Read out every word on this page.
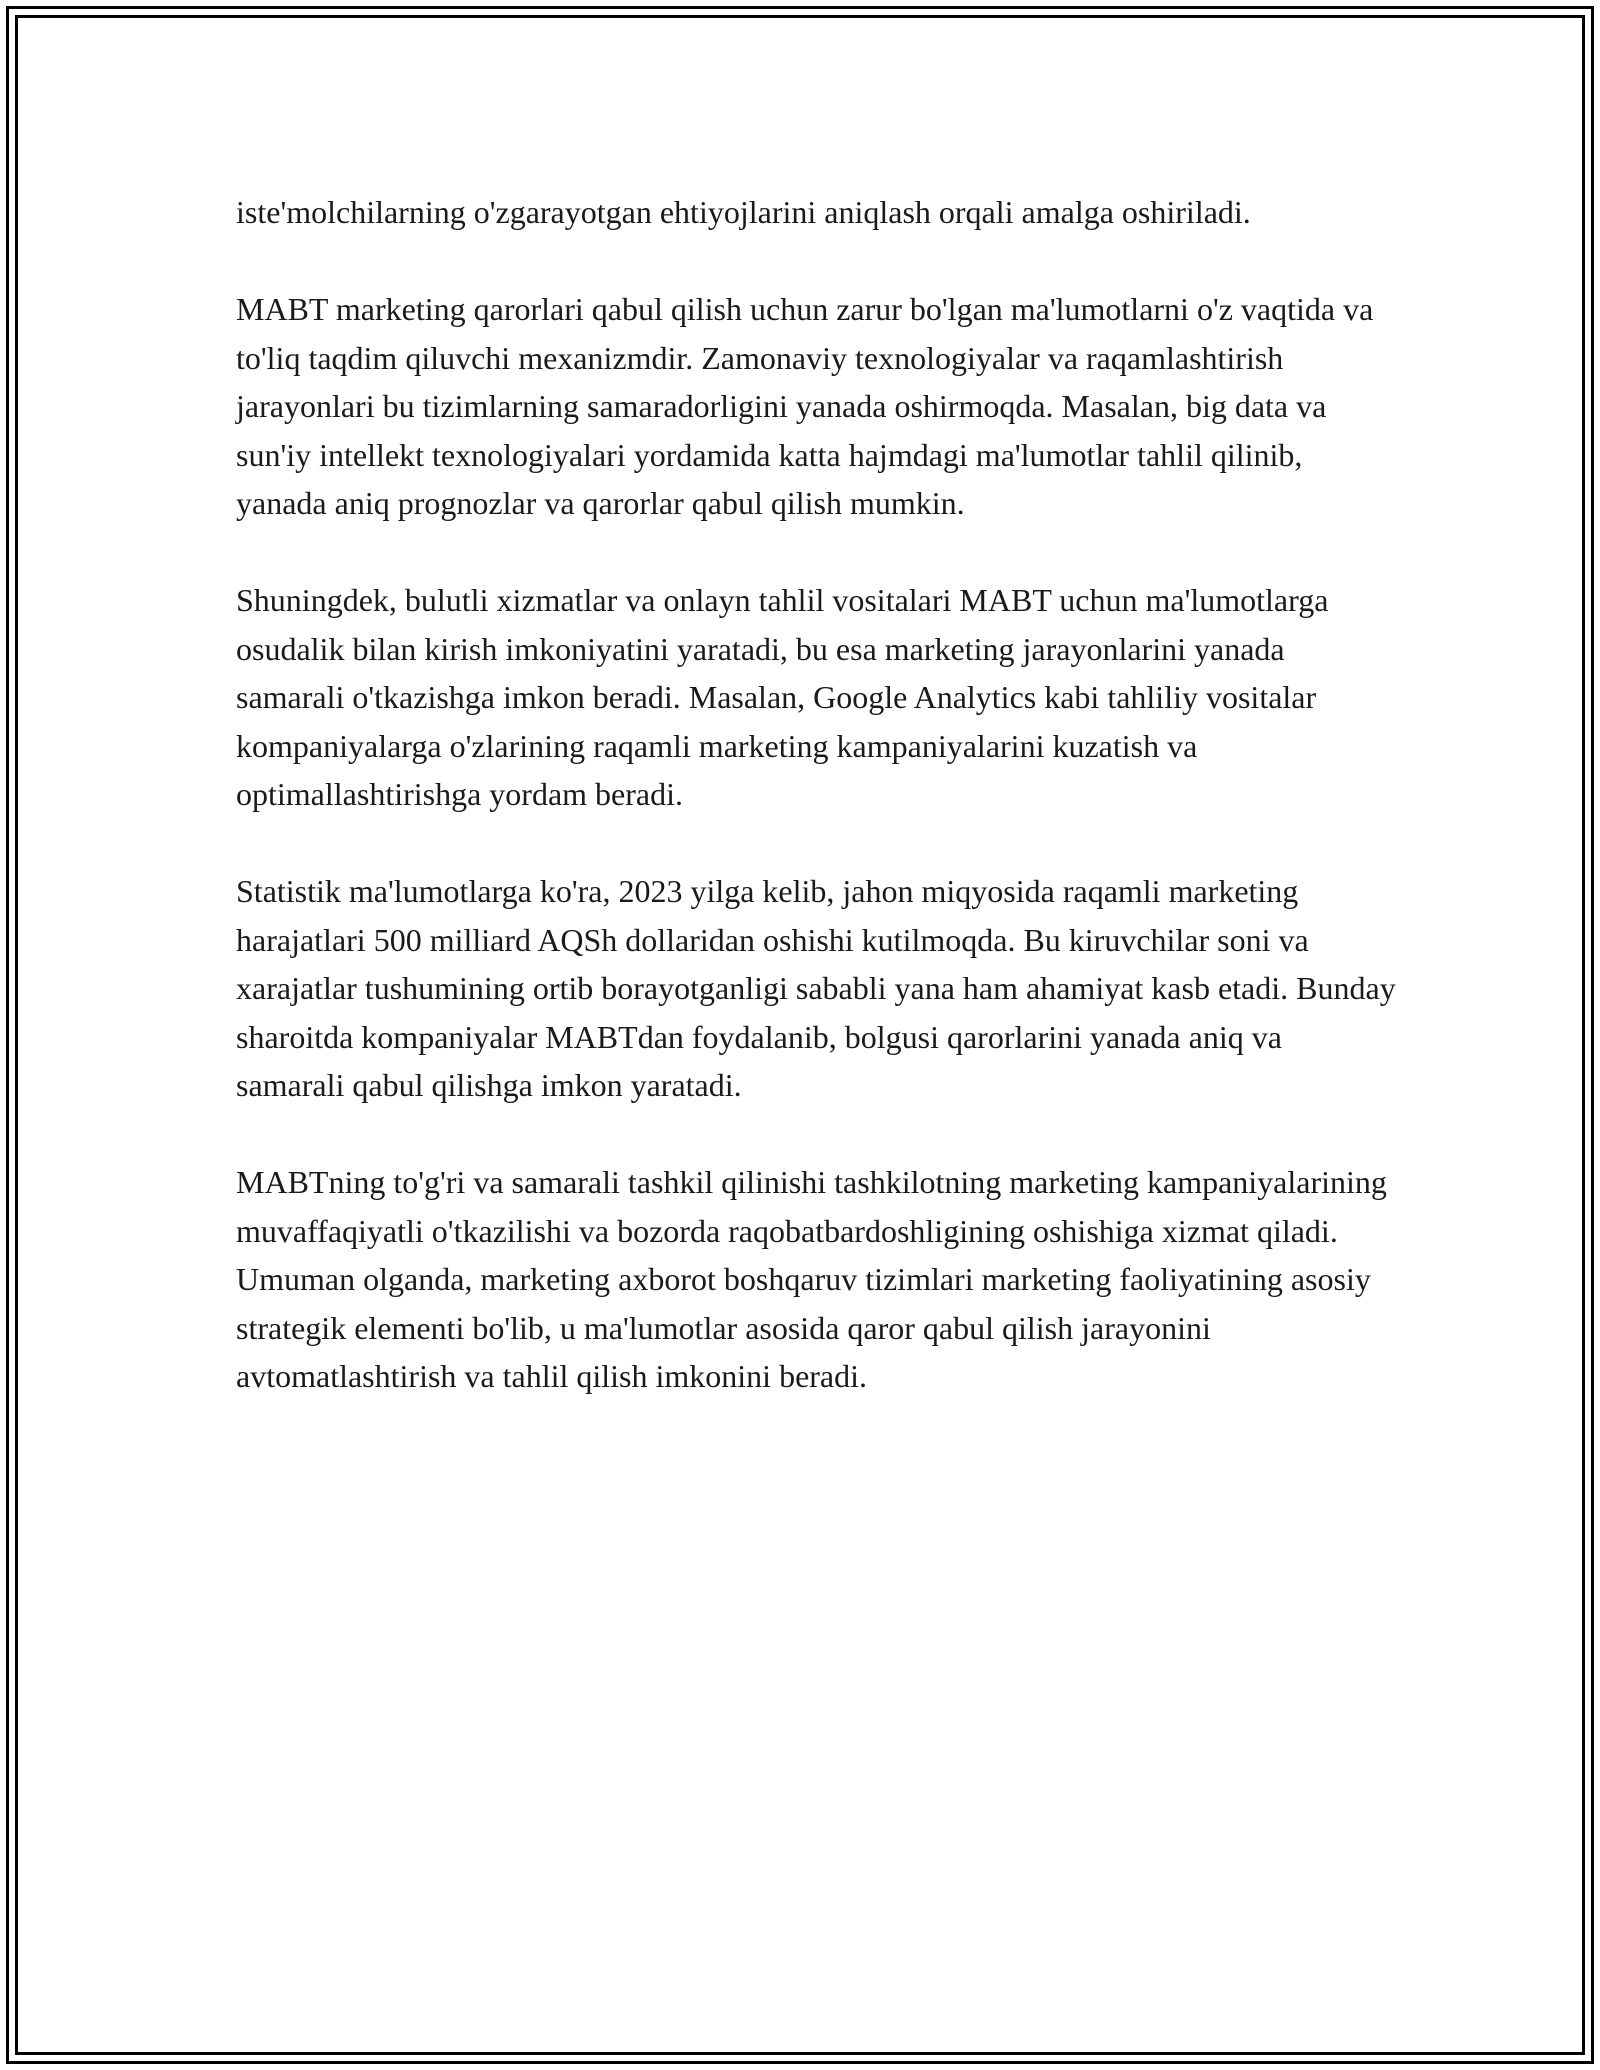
iste'molchilarning o'zgarayotgan ehtiyojlarini aniqlash orqali amalga oshiriladi.

MABT marketing qarorlari qabul qilish uchun zarur bo'lgan ma'lumotlarni o'z vaqtida va to'liq taqdim qiluvchi mexanizmdir. Zamonaviy texnologiyalar va raqamlashtirish jarayonlari bu tizimlarning samaradorligini yanada oshirmoqda. Masalan, big data va sun'iy intellekt texnologiyalari yordamida katta hajmdagi ma'lumotlar tahlil qilinib, yanada aniq prognozlar va qarorlar qabul qilish mumkin.

Shuningdek, bulutli xizmatlar va onlayn tahlil vositalari MABT uchun ma'lumotlarga osudalik bilan kirish imkoniyatini yaratadi, bu esa marketing jarayonlarini yanada samarali o'tkazishga imkon beradi. Masalan, Google Analytics kabi tahliliy vositalar kompaniyalarga o'zlarining raqamli marketing kampaniyalarini kuzatish va optimallashtirishga yordam beradi.

Statistik ma'lumotlarga ko'ra, 2023 yilga kelib, jahon miqyosida raqamli marketing harajatlari 500 milliard AQSh dollaridan oshishi kutilmoqda. Bu kiruvchilar soni va xarajatlar tushumining ortib borayotganligi sababli yana ham ahamiyat kasb etadi. Bunday sharoitda kompaniyalar MABTdan foydalanib, bolgusi qarorlarini yanada aniq va samarali qabul qilishga imkon yaratadi.

MABTning to'g'ri va samarali tashkil qilinishi tashkilotning marketing kampaniyalarining muvaffaqiyatli o'tkazilishi va bozorda raqobatbardoshligining oshishiga xizmat qiladi. Umuman olganda, marketing axborot boshqaruv tizimlari marketing faoliyatining asosiy strategik elementi bo'lib, u ma'lumotlar asosida qaror qabul qilish jarayonini avtomatlashtirish va tahlil qilish imkonini beradi.
